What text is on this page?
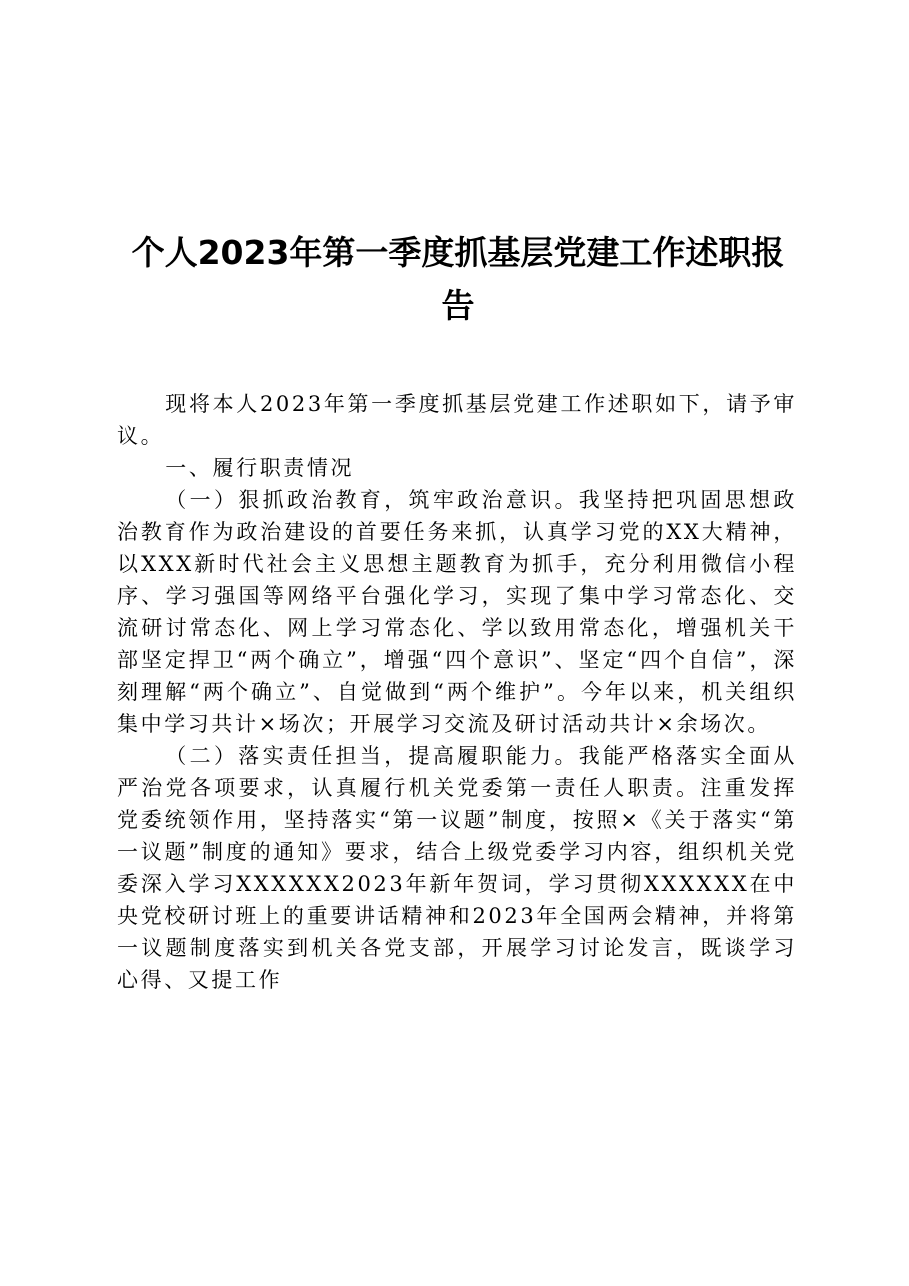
个人2023年第一季度抓基层党建工作述职报告

现将本人2023年第一季度抓基层党建工作述职如下，请予审议。

一、履行职责情况

（一）狠抓政治教育，筑牢政治意识。我坚持把巩固思想政治教育作为政治建设的首要任务来抓，认真学习党的XX大精神，以XXX新时代社会主义思想主题教育为抓手，充分利用微信小程序、学习强国等网络平台强化学习，实现了集中学习常态化、交流研讨常态化、网上学习常态化、学以致用常态化，增强机关干部坚定捍卫“两个确立”，增强“四个意识”、坚定“四个自信”，深刻理解“两个确立”、自觉做到“两个维护”。今年以来，机关组织集中学习共计×场次；开展学习交流及研讨活动共计×余场次。

（二）落实责任担当，提高履职能力。我能严格落实全面从严治党各项要求，认真履行机关党委第一责任人职责。注重发挥党委统领作用，坚持落实“第一议题”制度，按照×《关于落实“第一议题”制度的通知》要求，结合上级党委学习内容，组织机关党委深入学习XXXXXX2023年新年贺词，学习贯彻XXXXXX在中央党校研讨班上的重要讲话精神和2023年全国两会精神，并将第一议题制度落实到机关各党支部，开展学习讨论发言，既谈学习心得、又提工作
